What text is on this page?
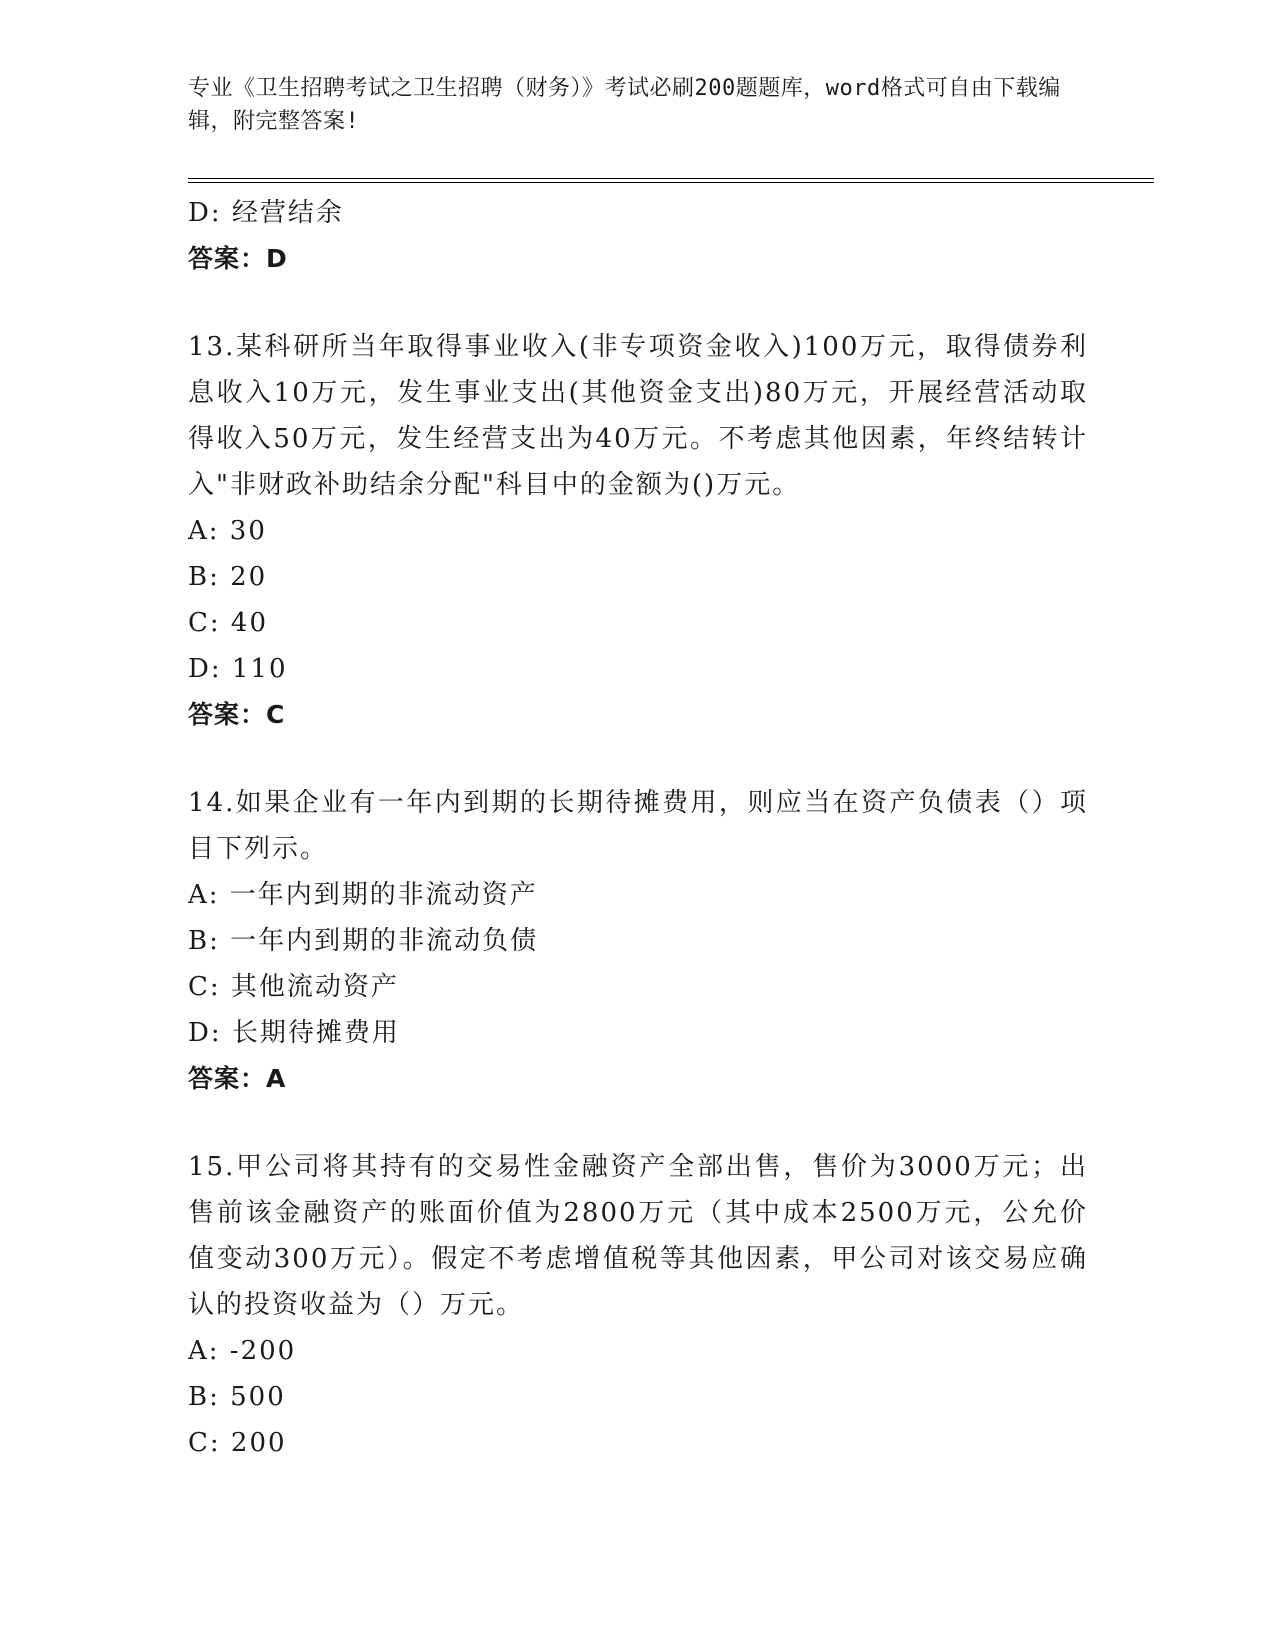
专业《卫生招聘考试之卫生招聘（财务）》考试必刷200题题库，word格式可自由下载编辑，附完整答案!
D: 经营结余
答案：D
13.某科研所当年取得事业收入(非专项资金收入)100万元，取得债券利息收入10万元，发生事业支出(其他资金支出)80万元，开展经营活动取得收入50万元，发生经营支出为40万元。不考虑其他因素，年终结转计入"非财政补助结余分配"科目中的金额为()万元。
A: 30
B: 20
C: 40
D: 110
答案：C
14.如果企业有一年内到期的长期待摊费用，则应当在资产负债表（）项目下列示。
A: 一年内到期的非流动资产
B: 一年内到期的非流动负债
C: 其他流动资产
D: 长期待摊费用
答案：A
15.甲公司将其持有的交易性金融资产全部出售，售价为3000万元；出售前该金融资产的账面价值为2800万元（其中成本2500万元，公允价值变动300万元）。假定不考虑增值税等其他因素，甲公司对该交易应确认的投资收益为（）万元。
A: -200
B: 500
C: 200
